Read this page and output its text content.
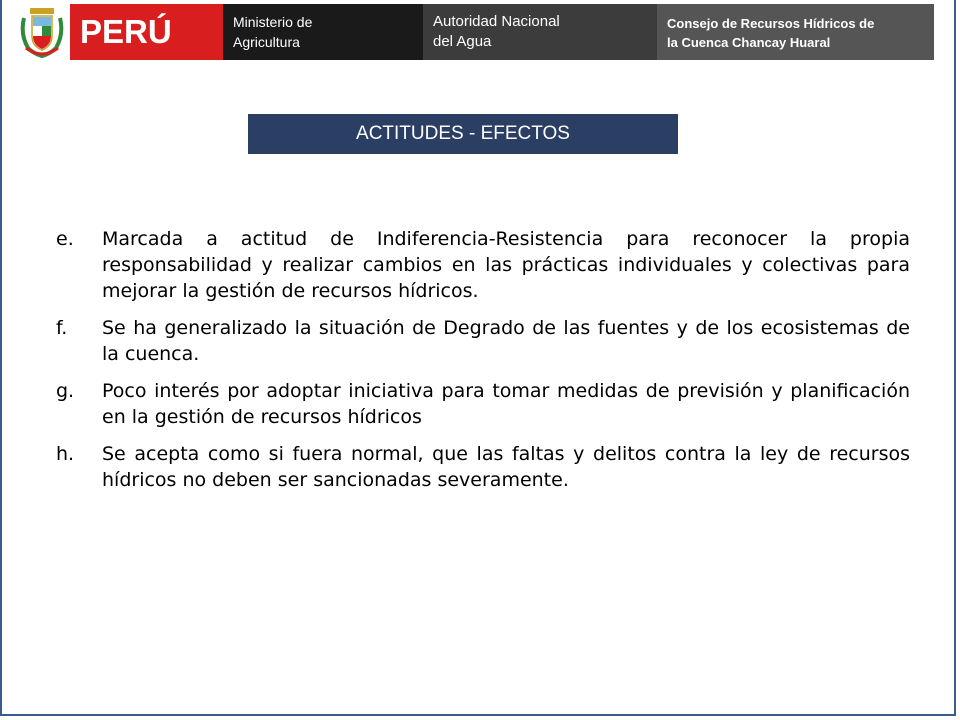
PERÚ	Ministerio de
Agricultura
Autoridad Nacional
del Agua
Consejo de Recursos Hídricos de
la Cuenca Chancay Huaral
ACTITUDES - EFECTOS
e.	Marcada a actitud de Indiferencia-Resistencia para reconocer la propia responsabilidad y realizar cambios en las prácticas individuales y colectivas para mejorar la gestión de recursos hídricos.
f.	Se ha generalizado la situación de Degrado de las fuentes y de los ecosistemas de la cuenca.
g.	Poco interés por adoptar iniciativa para tomar medidas de previsión y planificación en la gestión de recursos hídricos
h.	Se acepta como si fuera normal, que las faltas y delitos contra la ley de recursos hídricos no deben ser sancionadas severamente.
